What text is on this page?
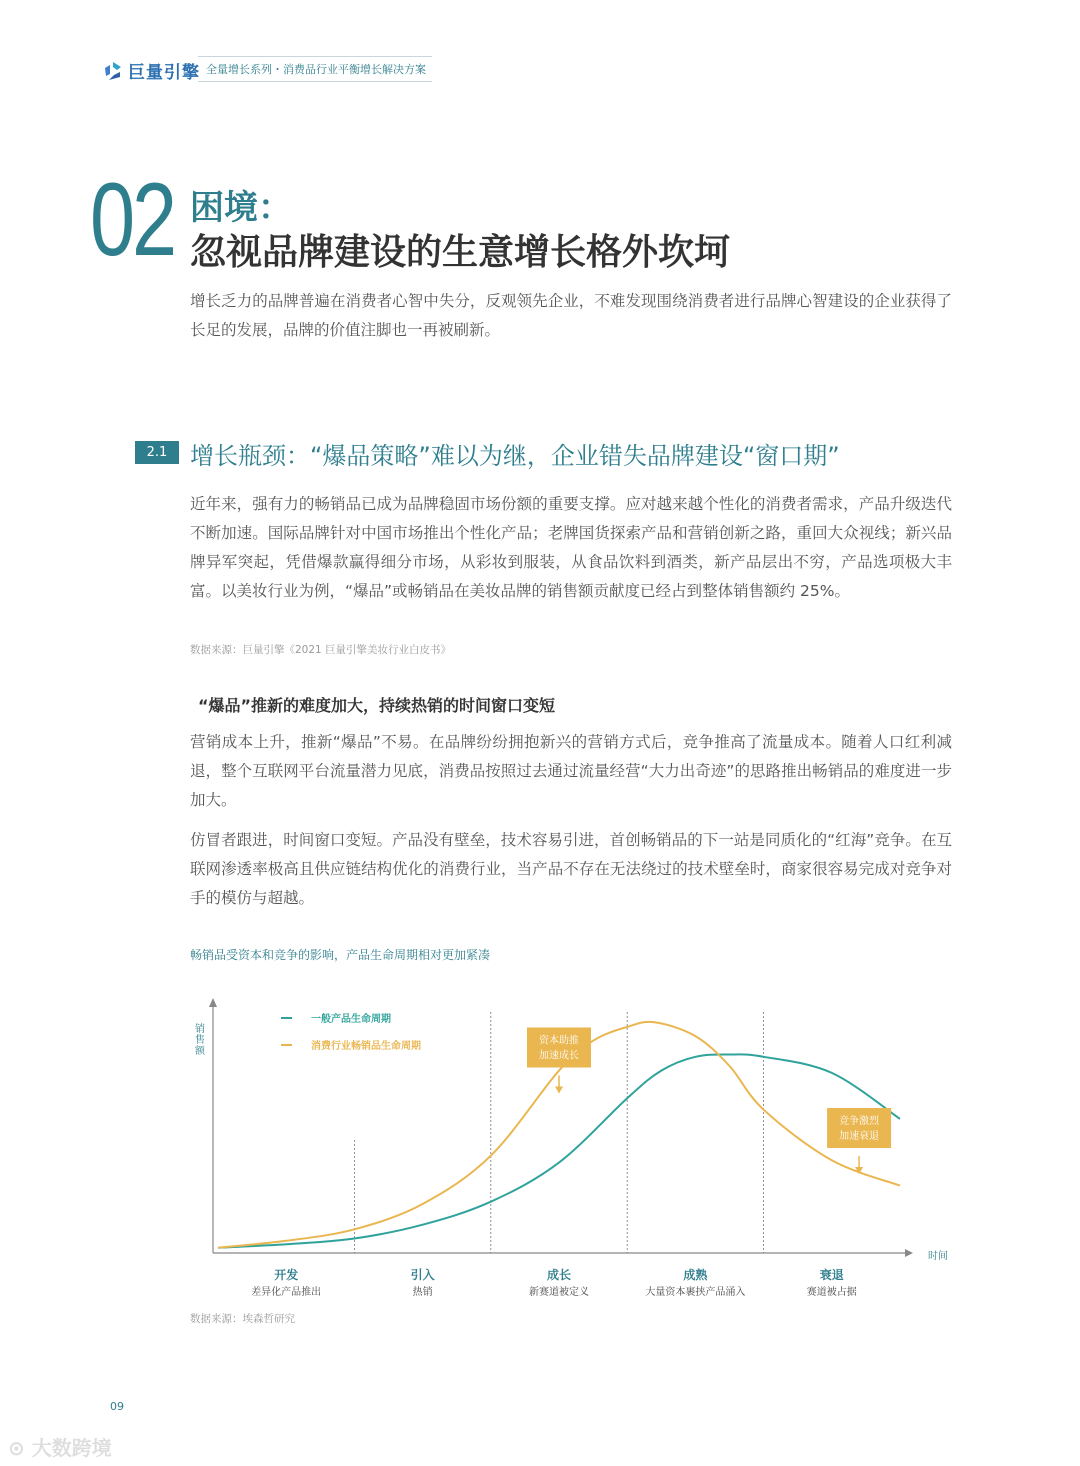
巨量引擎 全量增长系列・消费品行业平衡增长解决方案
02 困境：
忽视品牌建设的生意增长格外坎坷
增长乏力的品牌普遍在消费者心智中失分，反观领先企业，不难发现围绕消费者进行品牌心智建设的企业获得了长足的发展，品牌的价值注脚也一再被刷新。
2.1 增长瓶颈：“爆品策略”难以为继，企业错失品牌建设“窗口期”
近年来，强有力的畅销品已成为品牌稳固市场份额的重要支撑。应对越来越个性化的消费者需求，产品升级迭代不断加速。国际品牌针对中国市场推出个性化产品；老牌国货探索产品和营销创新之路，重回大众视线；新兴品牌异军突起，凭借爆款赢得细分市场，从彩妆到服装，从食品饮料到酒类，新产品层出不穷，产品选项极大丰富。以美妆行业为例，“爆品”或畅销品在美妆品牌的销售额贡献度已经占到整体销售额约 25%。
数据来源：巨量引擎《2021 巨量引擎美妆行业白皮书》
“爆品”推新的难度加大，持续热销的时间窗口变短
营销成本上升，推新“爆品”不易。在品牌纷纷拥抱新兴的营销方式后，竞争推高了流量成本。随着人口红利减退，整个互联网平台流量潜力见底，消费品按照过去通过流量经营“大力出奇迹”的思路推出畅销品的难度进一步加大。
仿冒者跟进，时间窗口变短。产品没有壁垒，技术容易引进，首创畅销品的下一站是同质化的“红海”竞争。在互联网渗透率极高且供应链结构优化的消费行业，当产品不存在无法绕过的技术壁垒时，商家很容易完成对竞争对手的模仿与超越。
畅销品受资本和竞争的影响，产品生命周期相对更加紧凑
时间
销
售
额
开发
差异化产品推出
引入
热销
成长
新赛道被定义
成熟
大量资本裹挟产品涌入
衰退
赛道被占据
一般产品生命周期
消费行业畅销品生命周期	资本助推
加速成长
竞争激烈
加速衰退
数据来源：埃森哲研究
09
⊙ 大数跨境
